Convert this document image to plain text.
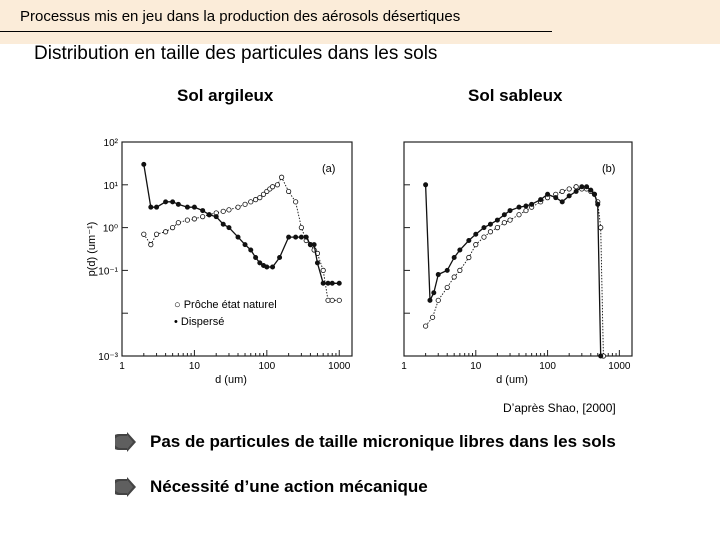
Processus mis en jeu dans la production des aérosols désertiques
Distribution en taille des particules dans les sols
Sol argileux	Sol sableux
1	10	100	1000
10⁻³
10⁻¹
10⁰
10¹
10²
p(d) (um⁻¹)
d (um)
(a)
○ Prôche état naturel
• Dispersé
1	10	100	1000
d (um)
(b)
D’après Shao, [2000]
Pas de particules de taille micronique libres dans les sols
Nécessité d’une action mécanique
